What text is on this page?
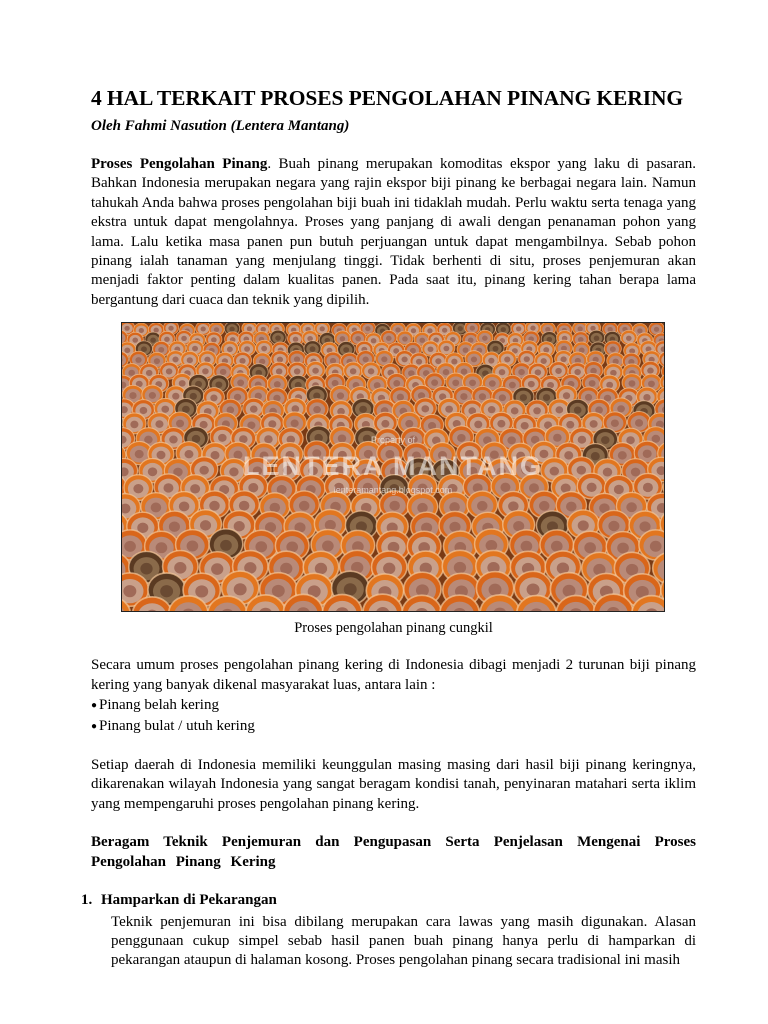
4 HAL TERKAIT PROSES PENGOLAHAN PINANG KERING
Oleh Fahmi Nasution (Lentera Mantang)

Proses Pengolahan Pinang. Buah pinang merupakan komoditas ekspor yang laku di pasaran. Bahkan Indonesia merupakan negara yang rajin ekspor biji pinang ke berbagai negara lain. Namun tahukah Anda bahwa proses pengolahan biji buah ini tidaklah mudah. Perlu waktu serta tenaga yang ekstra untuk dapat mengolahnya. Proses yang panjang di awali dengan penanaman pohon yang lama. Lalu ketika masa panen pun butuh perjuangan untuk dapat mengambilnya. Sebab pohon pinang ialah tanaman yang menjulang tinggi. Tidak berhenti di situ, proses penjemuran akan menjadi faktor penting dalam kualitas panen. Pada saat itu, pinang kering tahan berapa lama bergantung dari cuaca dan teknik yang dipilih.

Property of
LENTERA MANTANG
lenteramantang.blogspot.com
Proses pengolahan pinang cungkil

Secara umum proses pengolahan pinang kering di Indonesia dibagi menjadi 2 turunan biji pinang kering yang banyak dikenal masyarakat luas, antara lain :

● Pinang belah kering
● Pinang bulat / utuh kering

Setiap daerah di Indonesia memiliki keunggulan masing masing dari hasil biji pinang keringnya, dikarenakan wilayah Indonesia yang sangat beragam kondisi tanah, penyinaran matahari serta iklim yang mempengaruhi proses pengolahan pinang kering.

Beragam Teknik Penjemuran dan Pengupasan Serta Penjelasan Mengenai Proses Pengolahan Pinang Kering
1. Hamparkan di Pekarangan

Teknik penjemuran ini bisa dibilang merupakan cara lawas yang masih digunakan. Alasan penggunaan cukup simpel sebab hasil panen buah pinang hanya perlu di hamparkan di pekarangan ataupun di halaman kosong. Proses pengolahan pinang secara tradisional ini masih
